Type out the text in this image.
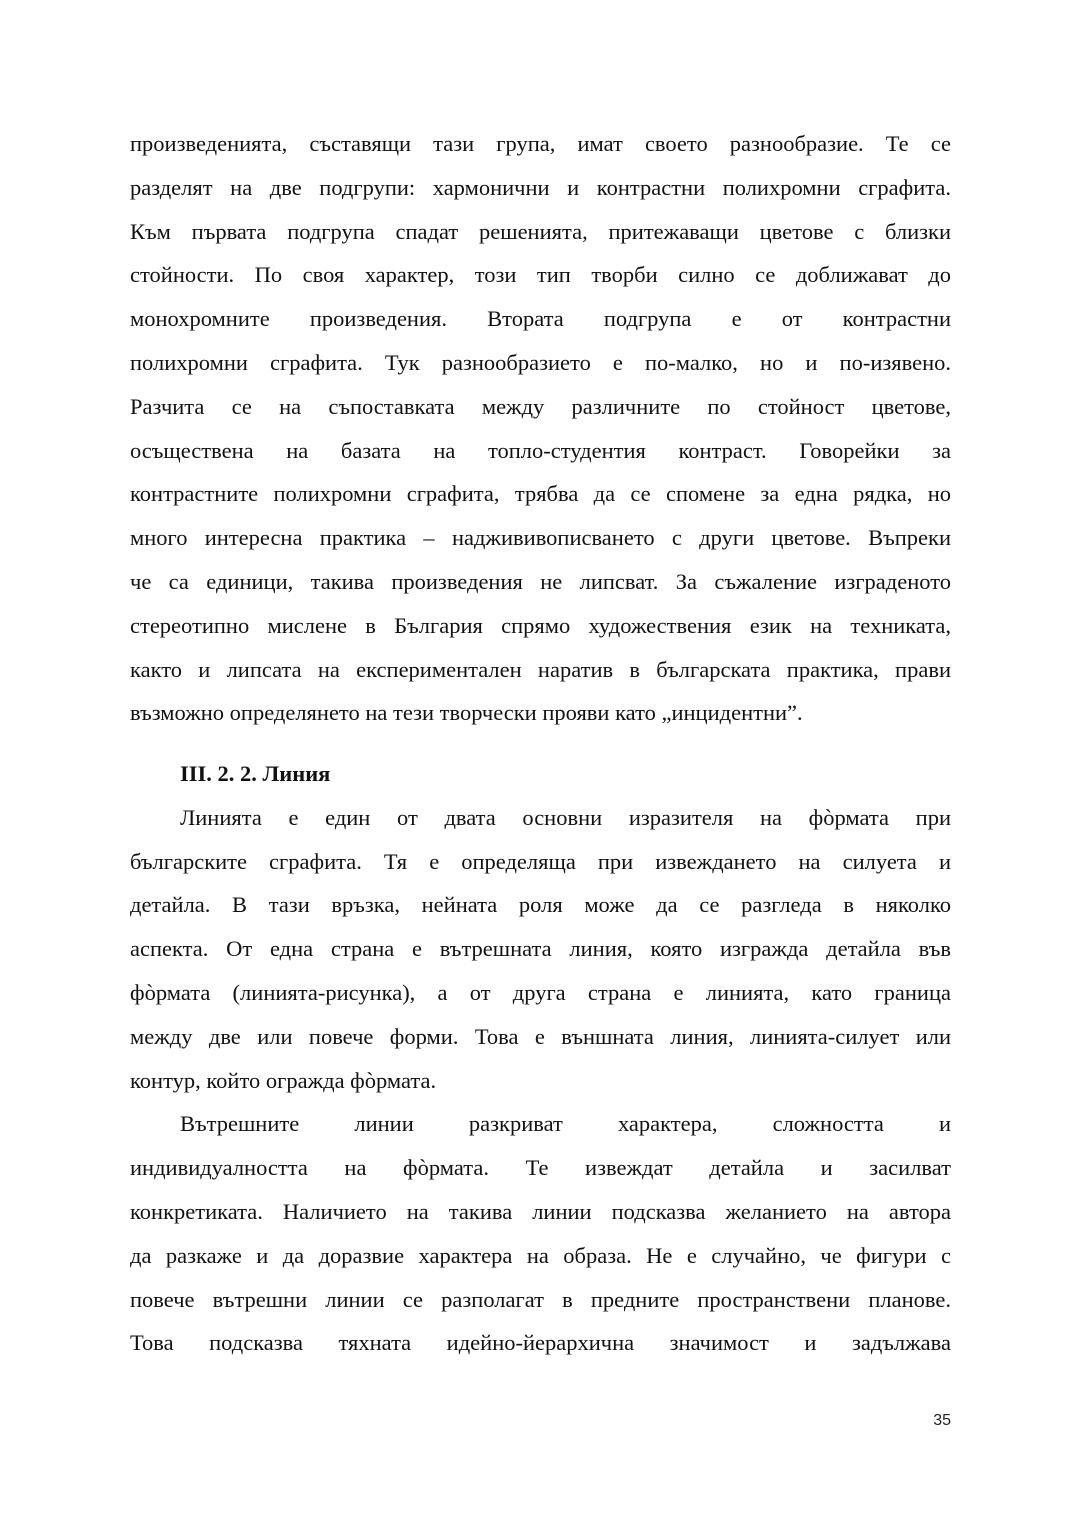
произведенията, съставящи тази група, имат своето разнообразие. Те се
разделят на две подгрупи: хармонични и контрастни полихромни сграфита.
Към първата подгрупа спадат решенията, притежаващи цветове с близки
стойности. По своя характер, този тип творби силно се доближават до
монохромните произведения. Втората подгрупа е от контрастни
полихромни сграфита. Тук разнообразието е по-малко, но и по-изявено.
Разчита се на съпоставката между различните по стойност цветове,
осъществена на базата на топло-студентия контраст. Говорейки за
контрастните полихромни сграфита, трябва да се спомене за една рядка, но
много интересна практика – наджививописването с други цветове. Въпреки
че са единици, такива произведения не липсват. За съжаление изграденото
стереотипно мислене в България спрямо художествения език на техниката,
както и липсата на експериментален наратив в българската практика, прави
възможно определянето на тези творчески прояви като „инцидентни”.
III. 2. 2. Линия
Линията е един от двата основни изразителя на фòрмата при
българските сграфита. Тя е определяща при извеждането на силуета и
детайла. В тази връзка, нейната роля може да се разгледа в няколко
аспекта. От една страна е вътрешната линия, която изгражда детайла във
фòрмата (линията-рисунка), а от друга страна е линията, като граница
между две или повече форми. Това е външната линия, линията-силует или
контур, който огражда фòрмата.
Вътрешните линии разкриват характера, сложността и
индивидуалността на фòрмата. Те извеждат детайла и засилват
конкретиката. Наличието на такива линии подсказва желанието на автора
да разкаже и да доразвие характера на образа. Не е случайно, че фигури с
повече вътрешни линии се разполагат в предните пространствени планове.
Това подсказва тяхната идейно-йерархична значимост и задължава
35
